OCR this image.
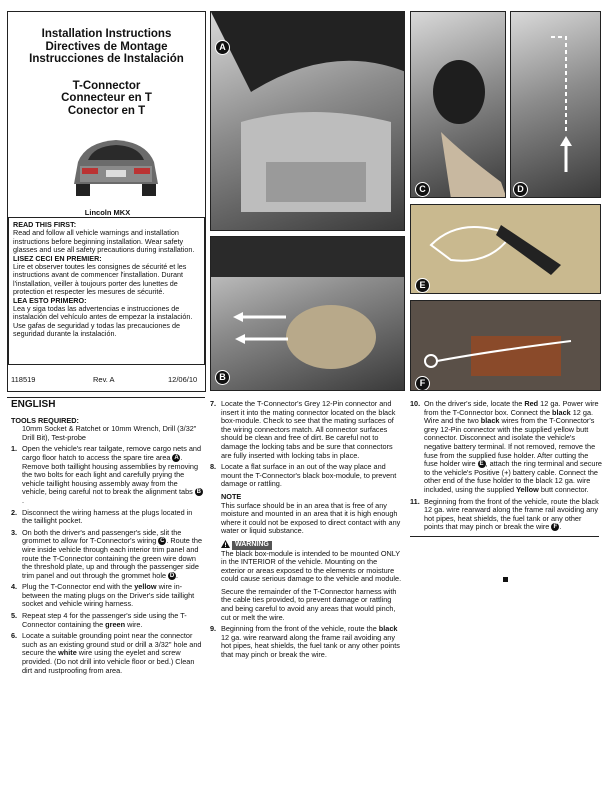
Installation Instructions
Directives de Montage
Instrucciones de Instalación
T-Connector
Connecteur en T
Conector en T
Lincoln MKX
READ THIS FIRST:
Read and follow all vehicle warnings and installation instructions before beginning installation. Wear safety glasses and use all safety precautions during installation.
LISEZ CECI EN PREMIER:
Lire et observer toutes les consignes de sécurité et les instructions avant de commencer l'installation. Durant l'installation, veiller à toujours porter des lunettes de protection et respecter les mesures de sécurité.
LEA ESTO PRIMERO:
Lea y siga todas las advertencias e instrucciones de instalación del vehículo antes de empezar la instalación. Use gafas de seguridad y todas las precauciones de seguridad durante la instalación.
118519	Rev. A	12/06/10
A
B
C	D
E
F
ENGLISH
TOOLS REQUIRED:
10mm Socket & Ratchet or 10mm Wrench, Drill (3/32" Drill Bit), Test-probe
1. Open the vehicle's rear tailgate, remove cargo nets and cargo floor hatch to access the spare tire area A . Remove both taillight housing assemblies by removing the two bolts for each light and carefully prying the vehicle taillight housing assembly away from the vehicle, being careful not to break the alignment tabs B.
2. Disconnect the wiring harness at the plugs located in the taillight pocket.
3. On both the driver's and passenger's side, slit the grommet to allow for T-Connector's wiring C . Route the wire inside vehicle through each interior trim panel and route the T-Connector containing the green wire down the threshold plate, up and through the passenger side trim panel and out through the grommet hole D .
4. Plug the T-Connector end with the yellow wire in-between the mating plugs on the Driver's side taillight socket and vehicle wiring harness.
5. Repeat step 4 for the passenger's side using the T-Connector containing the green wire.
6. Locate a suitable grounding point near the connector such as an existing ground stud or drill a 3/32" hole and secure the white wire using the eyelet and screw provided. (Do not drill into vehicle floor or bed.) Clean dirt and rustproofing from area.
7. Locate the T-Connector's Grey 12-Pin connector and insert it into the mating connector located on the black box-module. Check to see that the mating surfaces of the wiring connectors match. All connector surfaces should be clean and free of dirt. Be careful not to damage the locking tabs and be sure that connectors are fully inserted with locking tabs in place.
8. Locate a flat surface in an out of the way place and mount the T-Connector's black box-module, to prevent damage or rattling.
NOTE
This surface should be in an area that is free of any moisture and mounted in an area that it is high enough where it could not be exposed to direct contact with any water or liquid substance.
WARNING
The black box-module is intended to be mounted ONLY in the INTERIOR of the vehicle. Mounting on the exterior or areas exposed to the elements or moisture could cause serious damage to the vehicle and module.
Secure the remainder of the T-Connector harness with the cable ties provided, to prevent damage or rattling and being careful to avoid any areas that would pinch, cut or melt the wire.
9. Beginning from the front of the vehicle, route the black 12 ga. wire rearward along the frame rail avoiding any hot pipes, heat shields, the fuel tank or any other points that may pinch or break the wire.
10. On the driver's side, locate the Red 12 ga. Power wire from the T-Connector box. Connect the black 12 ga. Wire and the two black wires from the T-Connector's grey 12-Pin connector with the supplied yellow butt connector. Disconnect and isolate the vehicle's negative battery terminal. If not removed, remove the fuse from the supplied fuse holder. After cutting the fuse holder wire E , attach the ring terminal and secure to the vehicle's Positive (+) battery cable. Connect the other end of the fuse holder to the black 12 ga. wire included, using the supplied Yellow butt connector.
11. Beginning from the front of the vehicle, route the black 12 ga. wire rearward along the frame rail avoiding any hot pipes, heat shields, the fuel tank or any other points that may pinch or break the wire F .
